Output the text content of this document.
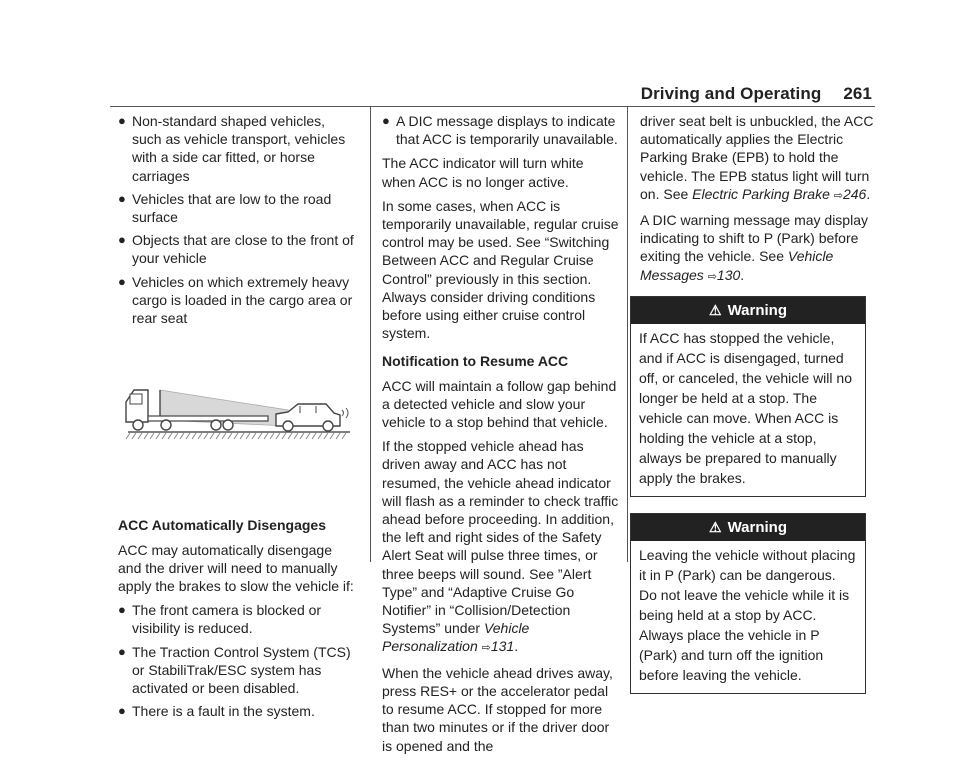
Driving and Operating 261
● Non-standard shaped vehicles, such as vehicle transport, vehicles with a side car fitted, or horse carriages
● Vehicles that are low to the road surface
● Objects that are close to the front of your vehicle
● Vehicles on which extremely heavy cargo is loaded in the cargo area or rear seat

ACC Automatically Disengages

ACC may automatically disengage and the driver will need to manually apply the brakes to slow the vehicle if:

● The front camera is blocked or visibility is reduced.
● The Traction Control System (TCS) or StabiliTrak/ESC system has activated or been disabled.
● There is a fault in the system.
● A DIC message displays to indicate that ACC is temporarily unavailable.

The ACC indicator will turn white when ACC is no longer active.

In some cases, when ACC is temporarily unavailable, regular cruise control may be used. See “Switching Between ACC and Regular Cruise Control” previously in this section. Always consider driving conditions before using either cruise control system.

Notification to Resume ACC

ACC will maintain a follow gap behind a detected vehicle and slow your vehicle to a stop behind that vehicle.

If the stopped vehicle ahead has driven away and ACC has not resumed, the vehicle ahead indicator will flash as a reminder to check traffic ahead before proceeding. In addition, the left and right sides of the Safety Alert Seat will pulse three times, or three beeps will sound. See ”Alert Type” and “Adaptive Cruise Go Notifier” in “Collision/Detection Systems” under Vehicle Personalization ⇨131.

When the vehicle ahead drives away, press RES+ or the accelerator pedal to resume ACC. If stopped for more than two minutes or if the driver door is opened and the

driver seat belt is unbuckled, the ACC automatically applies the Electric Parking Brake (EPB) to hold the vehicle. The EPB status light will turn on. See Electric Parking Brake ⇨246.

A DIC warning message may display indicating to shift to P (Park) before exiting the vehicle. See Vehicle Messages ⇨130.

⚠ Warning
If ACC has stopped the vehicle, and if ACC is disengaged, turned off, or canceled, the vehicle will no longer be held at a stop. The vehicle can move. When ACC is holding the vehicle at a stop, always be prepared to manually apply the brakes.
⚠ Warning
Leaving the vehicle without placing it in P (Park) can be dangerous. Do not leave the vehicle while it is being held at a stop by ACC. Always place the vehicle in P (Park) and turn off the ignition before leaving the vehicle.
